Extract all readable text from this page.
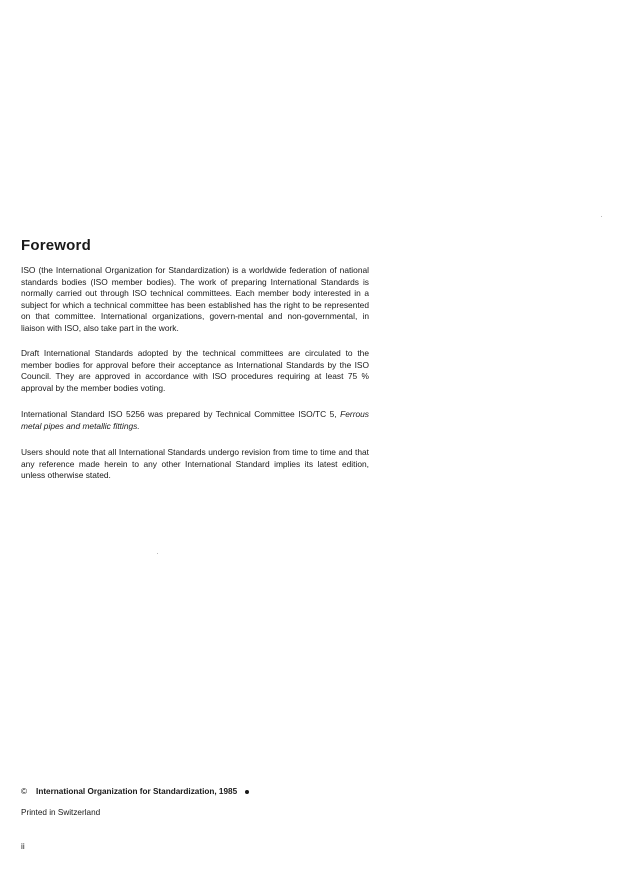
Foreword

ISO (the International Organization for Standardization) is a worldwide federation of national standards bodies (ISO member bodies). The work of preparing International Standards is normally carried out through ISO technical committees. Each member body interested in a subject for which a technical committee has been established has the right to be represented on that committee. International organizations, govern-mental and non-governmental, in liaison with ISO, also take part in the work.

Draft International Standards adopted by the technical committees are circulated to the member bodies for approval before their acceptance as International Standards by the ISO Council. They are approved in accordance with ISO procedures requiring at least 75 % approval by the member bodies voting.

International Standard ISO 5256 was prepared by Technical Committee ISO/TC 5, Ferrous metal pipes and metallic fittings.

Users should note that all International Standards undergo revision from time to time and that any reference made herein to any other International Standard implies its latest edition, unless otherwise stated.

© International Organization for Standardization, 1985
Printed in Switzerland
ii
